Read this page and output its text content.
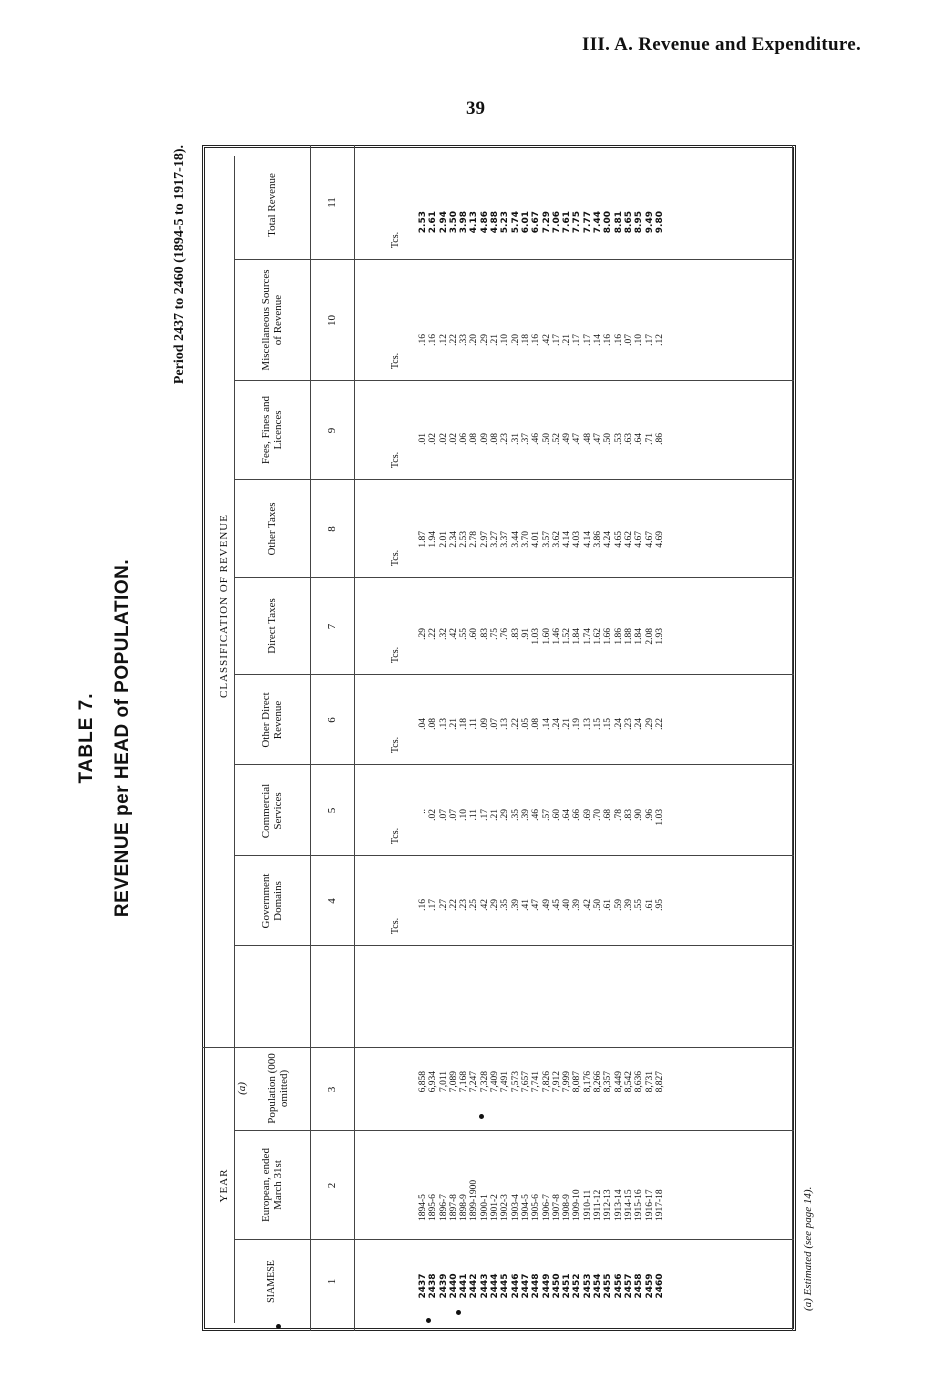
III. A. Revenue and Expenditure.
39
TABLE 7. REVENUE per HEAD of POPULATION.
Period 2437 to 2460 (1894-5 to 1917-18).
(a) Estimated (see page 14).
YEAR
CLASSIFICATION OF REVENUE
SIAMESE
European, ended March 31st
Population (000 omitted)
(a)
Government Domains
Commercial Services
Other Direct Revenue
Direct Taxes
Other Taxes
Fees, Fines and Licences
Miscellaneous Sources of Revenue
Total Revenue
1
2
3
4
5
6
7
8
9
10
11
Tcs.
Tcs.
Tcs.
Tcs.
Tcs.
Tcs.
Tcs.
Tcs.
2437 2438 2439 2440 2441 2442 2443 2444 2445 2446 2447 2448 2449 2450 2451 2452 2453 2454 2455 2456 2457 2458 2459 2460
1894-5 1895-6 1896-7 1897-8 1898-9 1899-1900 1900-1 1901-2 1902-3 1903-4 1904-5 1905-6 1906-7 1907-8 1908-9 1909-10 1910-11 1911-12 1912-13 1913-14 1914-15 1915-16 1916-17 1917-18
6,858 6,934 7,011 7,089 7,168 7,247 7,328 7,409 7,491 7,573 7,657 7,741 7,826 7,912 7,999 8,087 8,176 8,266 8,357 8,449 8,542 8,636 8,731 8,827
.16 .17 .27 .22 .23 .25 .42 .29 .35 .39 .41 .47 .49 .45 .40 .39 .42 .50 .61 .59 .39 .55 .61 .95
.. .02 .07 .07 .10 .11 .17 .21 .29 .35 .39 .46 .57 .60 .64 .66 .69 .70 .68 .78 .83 .90 .96 1.03
.04 .08 .13 .21 .18 .11 .09 .07 .13 .22 .05 .08 .14 .24 .21 .19 .13 .15 .15 .24 .23 .24 .29 .22
.29 .22 .32 .42 .55 .60 .83 .75 .76 .83 .91 1.03 1.60 1.46 1.52 1.84 1.74 1.62 1.66 1.86 1.88 1.84 2.08 1.93
1.87 1.94 2.01 2.34 2.53 2.78 2.97 3.27 3.37 3.44 3.70 4.01 3.57 3.62 4.14 4.03 4.14 3.86 4.24 4.65 4.62 4.67 4.67 4.69
.01 .02 .02 .02 .06 .08 .09 .08 .23 .31 .37 .46 .50 .52 .49 .47 .48 .47 .50 .53 .63 .64 .71 .86
.16 .16 .12 .22 .33 .20 .29 .21 .10 .20 .18 .16 .42 .17 .21 .17 .17 .14 .16 .16 .07 .10 .17 .12
2.53 2.61 2.94 3.50 3.98 4.13 4.86 4.88 5.23 5.74 6.01 6.67 7.29 7.06 7.61 7.75 7.77 7.44 8.00 8.81 8.65 8.95 9.49 9.80
